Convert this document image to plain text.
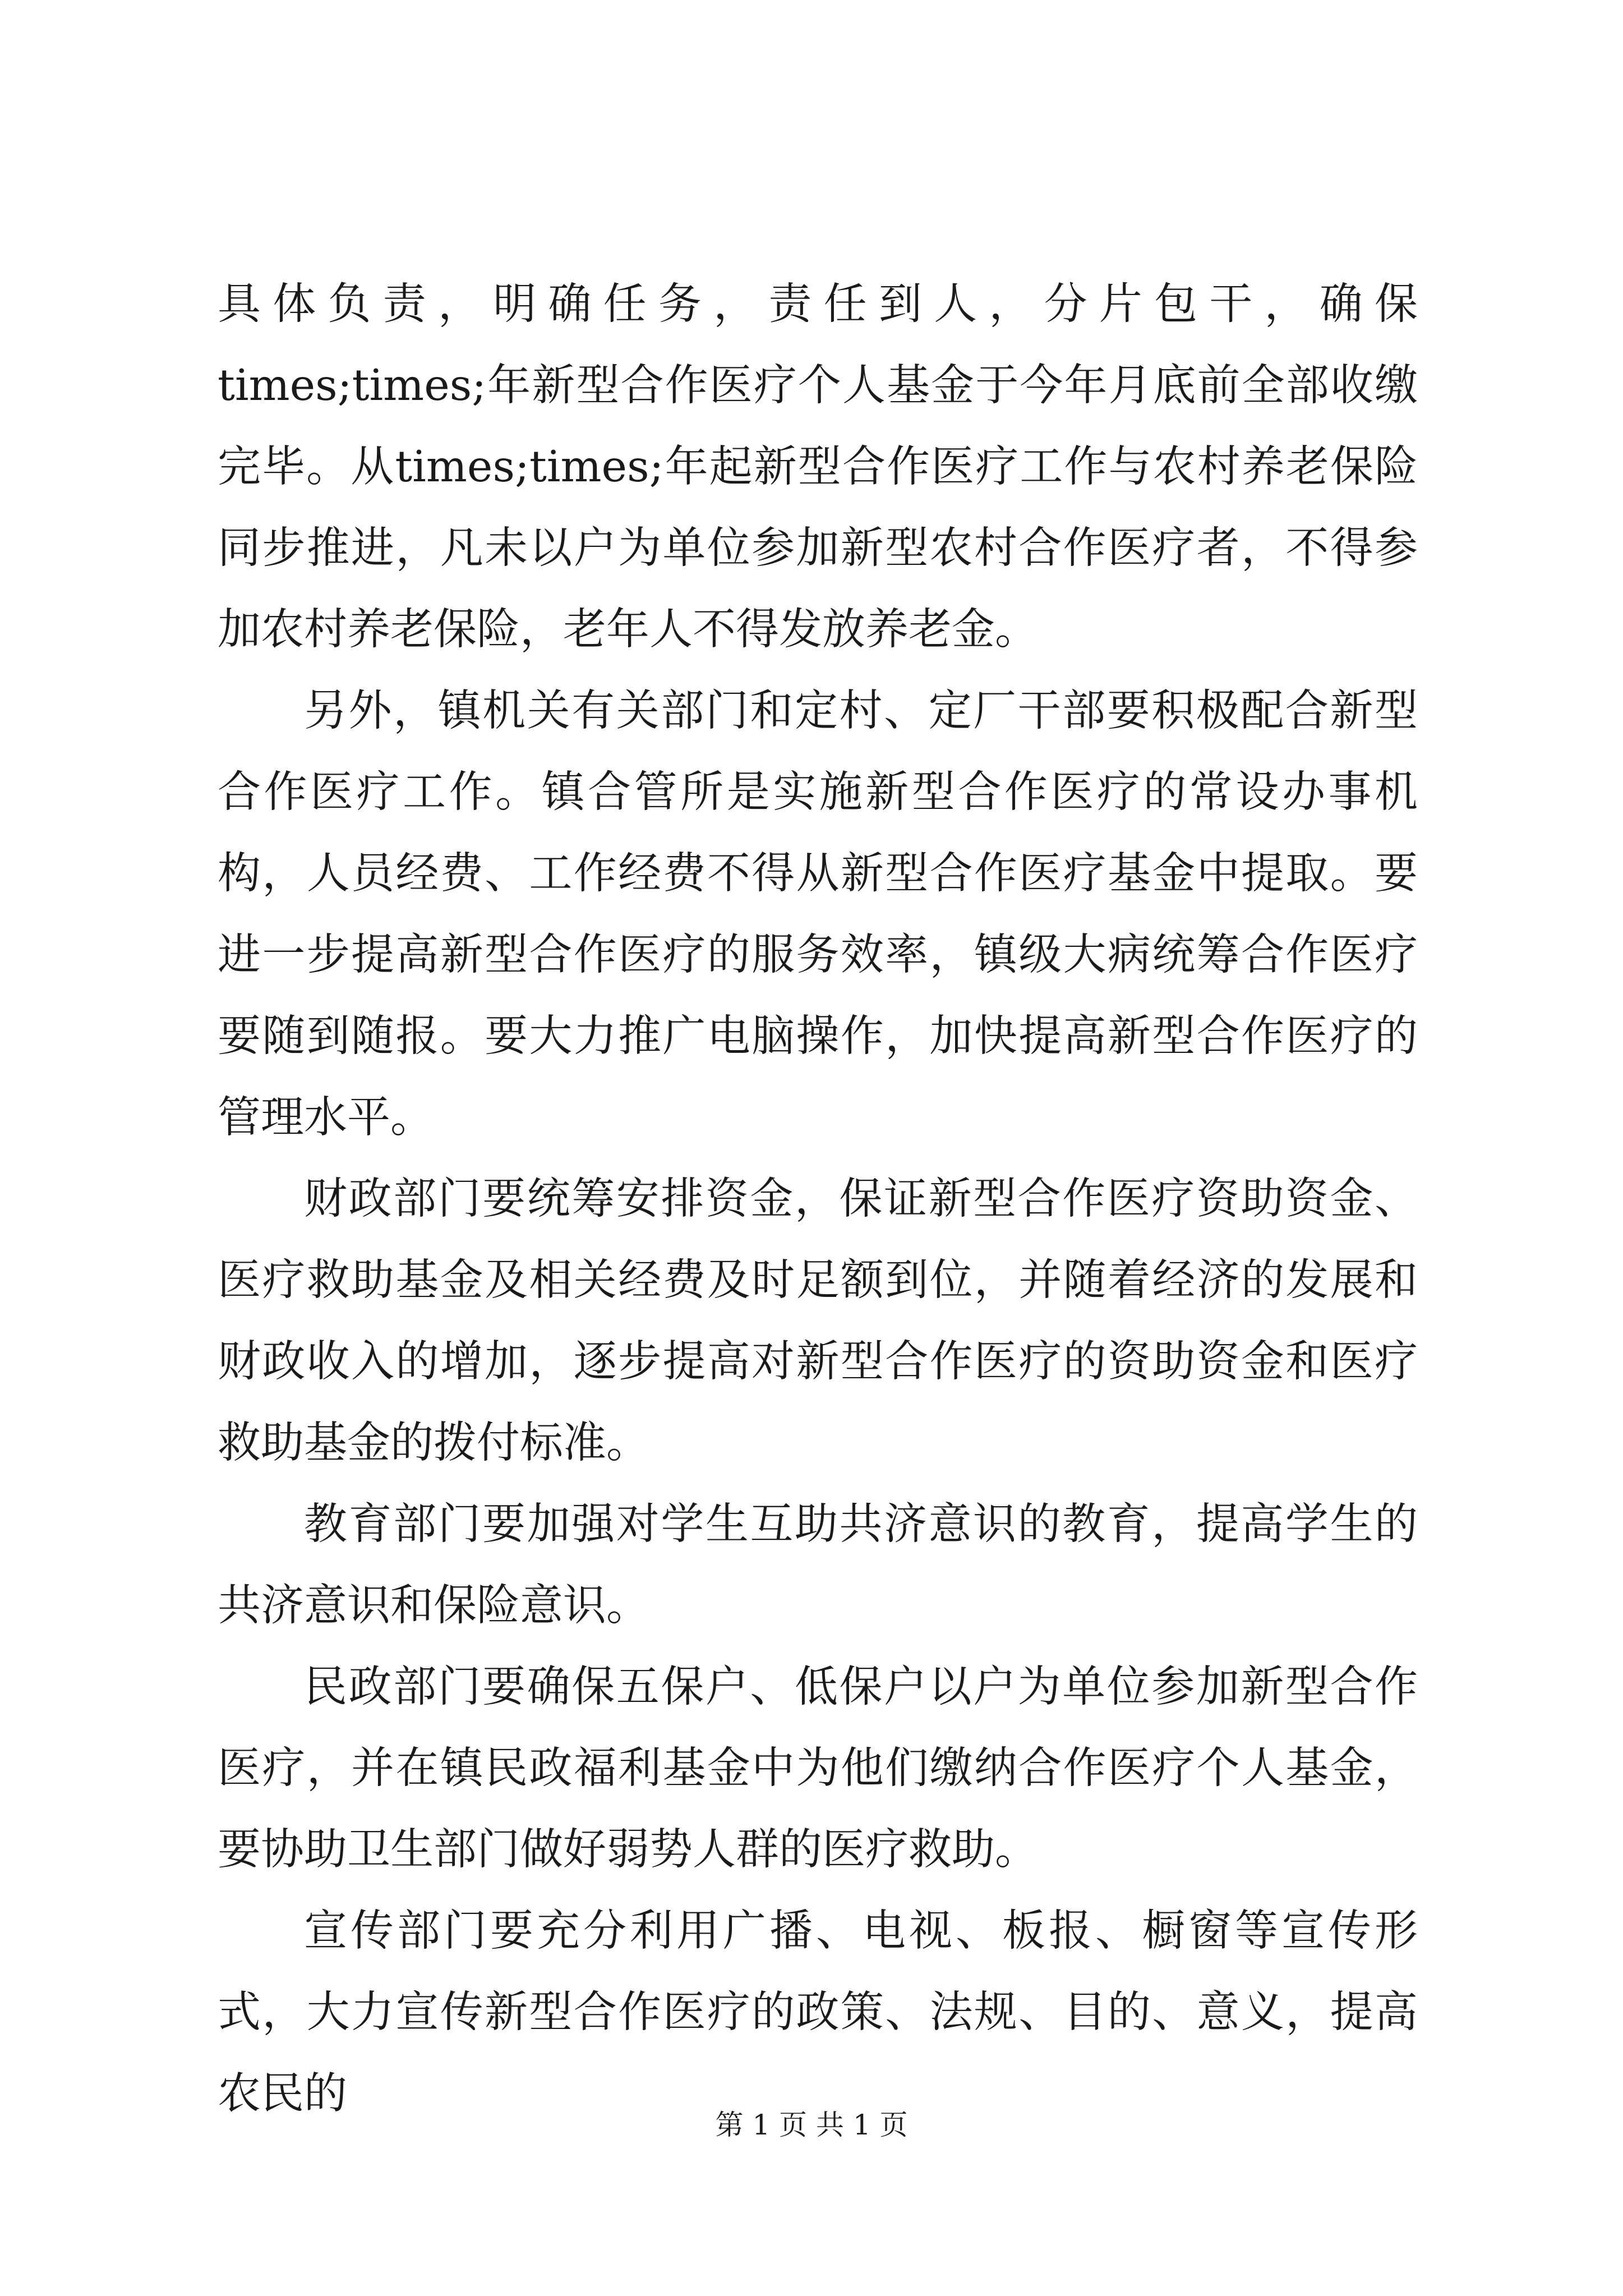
具体负责，明确任务，责任到人，分片包干，确保times;times;年新型合作医疗个人基金于今年月底前全部收缴完毕。从times;times;年起新型合作医疗工作与农村养老保险同步推进，凡未以户为单位参加新型农村合作医疗者，不得参加农村养老保险，老年人不得发放养老金。

另外，镇机关有关部门和定村、定厂干部要积极配合新型合作医疗工作。镇合管所是实施新型合作医疗的常设办事机构，人员经费、工作经费不得从新型合作医疗基金中提取。要进一步提高新型合作医疗的服务效率，镇级大病统筹合作医疗要随到随报。要大力推广电脑操作，加快提高新型合作医疗的管理水平。

财政部门要统筹安排资金，保证新型合作医疗资助资金、医疗救助基金及相关经费及时足额到位，并随着经济的发展和财政收入的增加，逐步提高对新型合作医疗的资助资金和医疗救助基金的拨付标准。

教育部门要加强对学生互助共济意识的教育，提高学生的共济意识和保险意识。

民政部门要确保五保户、低保户以户为单位参加新型合作医疗，并在镇民政福利基金中为他们缴纳合作医疗个人基金，要协助卫生部门做好弱势人群的医疗救助。

宣传部门要充分利用广播、电视、板报、橱窗等宣传形式，大力宣传新型合作医疗的政策、法规、目的、意义，提高农民的

第 1 页 共 1 页
